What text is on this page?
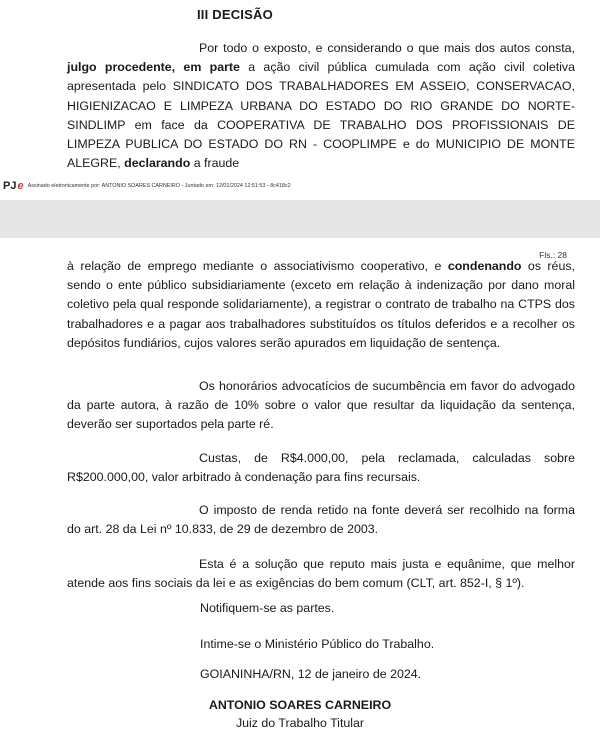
III DECISÃO

Por todo o exposto, e considerando o que mais dos autos consta, julgo procedente, em parte a ação civil pública cumulada com ação civil coletiva apresentada pelo SINDICATO DOS TRABALHADORES EM ASSEIO, CONSERVACAO, HIGIENIZACAO E LIMPEZA URBANA DO ESTADO DO RIO GRANDE DO NORTE-SINDLIMP em face da COOPERATIVA DE TRABALHO DOS PROFISSIONAIS DE LIMPEZA PUBLICA DO ESTADO DO RN - COOPLIMPE e do MUNICIPIO DE MONTE ALEGRE, declarando a fraude

PJ e Assinado eletronicamente por: ANTONIO SOARES CARNEIRO - Juntado em: 12/01/2024 12:51:53 - 8c418c2
Fls.: 28

à relação de emprego mediante o associativismo cooperativo, e condenando os réus, sendo o ente público subsidiariamente (exceto em relação à indenização por dano moral coletivo pela qual responde solidariamente), a registrar o contrato de trabalho na CTPS dos trabalhadores e a pagar aos trabalhadores substituídos os títulos deferidos e a recolher os depósitos fundiários, cujos valores serão apurados em liquidação de sentença.

Os honorários advocatícios de sucumbência em favor do advogado da parte autora, à razão de 10% sobre o valor que resultar da liquidação da sentença, deverão ser suportados pela parte ré.

Custas, de R$4.000,00, pela reclamada, calculadas sobre R$200.000,00, valor arbitrado à condenação para fins recursais.

O imposto de renda retido na fonte deverá ser recolhido na forma do art. 28 da Lei nº 10.833, de 29 de dezembro de 2003.

Esta é a solução que reputo mais justa e equânime, que melhor atende aos fins sociais da lei e as exigências do bem comum (CLT, art. 852-I, § 1º).

Notifiquem-se as partes.

Intime-se o Ministério Público do Trabalho.

GOIANINHA/RN, 12 de janeiro de 2024.

ANTONIO SOARES CARNEIRO
Juiz do Trabalho Titular
